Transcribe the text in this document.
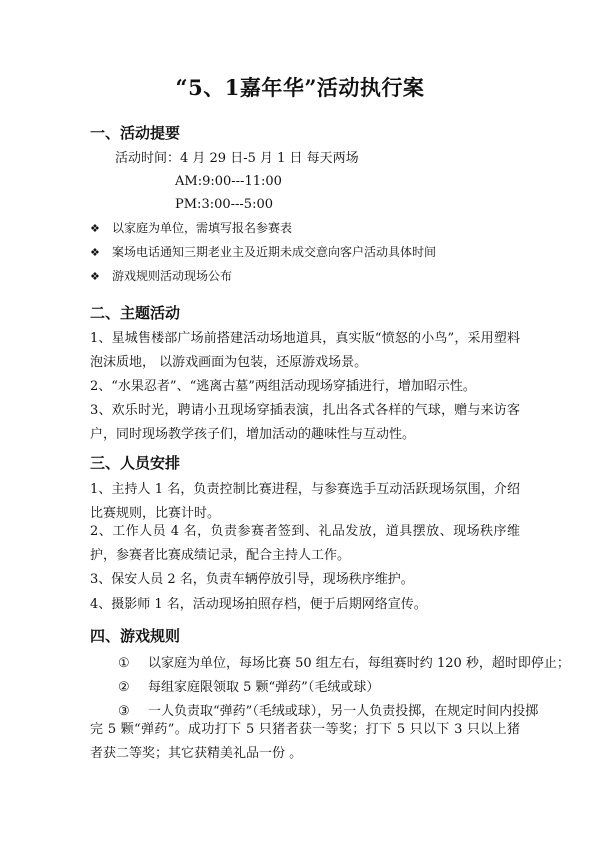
“5、1嘉年华”活动执行案
一、活动提要
活动时间：4 月 29 日-5 月 1 日 每天两场
AM:9:00---11:00
PM:3:00---5:00
❖ 以家庭为单位，需填写报名参赛表
❖ 案场电话通知三期老业主及近期未成交意向客户活动具体时间
❖ 游戏规则活动现场公布
二、主题活动

1、星城售楼部广场前搭建活动场地道具，真实版“愤怒的小鸟”，采用塑料泡沫质地， 以游戏画面为包装，还原游戏场景。

2、“水果忍者”、“逃离古墓”两组活动现场穿插进行，增加昭示性。

3、欢乐时光，聘请小丑现场穿插表演，扎出各式各样的气球，赠与来访客户，同时现场教学孩子们，增加活动的趣味性与互动性。

三、人员安排

1、主持人 1 名，负责控制比赛进程，与参赛选手互动活跃现场氛围，介绍比赛规则，比赛计时。

2、工作人员 4 名，负责参赛者签到、礼品发放，道具摆放、现场秩序维护，参赛者比赛成绩记录，配合主持人工作。

3、保安人员 2 名，负责车辆停放引导，现场秩序维护。

4、摄影师 1 名，活动现场拍照存档，便于后期网络宣传。

四、游戏规则
① 以家庭为单位，每场比赛 50 组左右，每组赛时约 120 秒，超时即停止；
② 每组家庭限领取 5 颗“弹药”（毛绒或球）
③ 一人负责取“弹药”（毛绒或球），另一人负责投掷，在规定时间内投掷

完 5 颗“弹药”。成功打下 5 只猪者获一等奖；打下 5 只以下 3 只以上猪者获二等奖；其它获精美礼品一份 。
